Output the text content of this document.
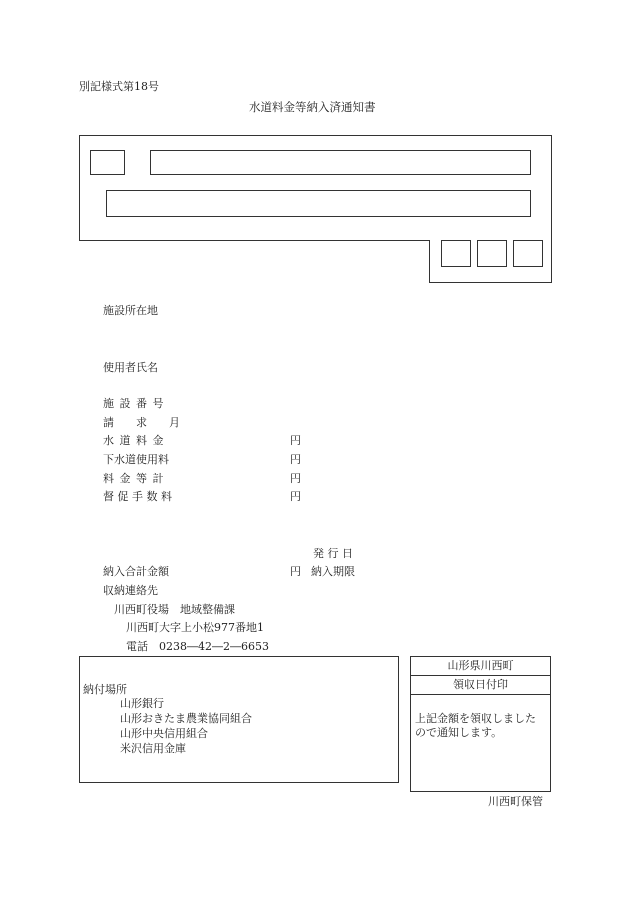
別記様式第18号
水道料金等納入済通知書
施設所在地
使用者氏名
施 設 番 号
請　　求　　月
水 道 料 金	円
下水道使用料	円
料 金 等 計	円
督 促 手 数 料	円
発 行 日
納入合計金額	円 納入期限
収納連絡先
川西町役場　地域整備課
川西町大字上小松977番地1
電話　0238―42―2―6653
納付場所
山形銀行
山形おきたま農業協同組合
山形中央信用組合
米沢信用金庫
山形県川西町
領収日付印
上記金額を領収しました
ので通知します。
川西町保管
